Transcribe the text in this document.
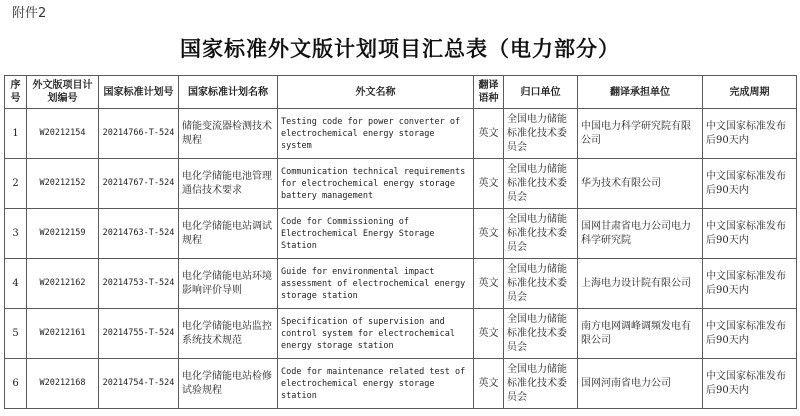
附件2
国家标准外文版计划项目汇总表（电力部分）
序号	外文版项目计划编号	国家标准计划号	国家标准计划名称	外文名称	翻译语种	归口单位	翻译承担单位	完成周期
1	W20212154	20214766-T-524	储能变流器检测技术规程	Testing code for power converter of electrochemical energy storage system	英文	全国电力储能标准化技术委员会	中国电力科学研究院有限公司	中文国家标准发布后90天内
2	W20212152	20214767-T-524	电化学储能电池管理通信技术要求	Communication technical requirements for electrochemical energy storage battery management	英文	全国电力储能标准化技术委员会	华为技术有限公司	中文国家标准发布后90天内
3	W20212159	20214763-T-524	电化学储能电站调试规程	Code for Commissioning of Electrochemical Energy Storage Station	英文	全国电力储能标准化技术委员会	国网甘肃省电力公司电力科学研究院	中文国家标准发布后90天内
4	W20212162	20214753-T-524	电化学储能电站环境影响评价导则	Guide for environmental impact assessment of electrochemical energy storage station	英文	全国电力储能标准化技术委员会	上海电力设计院有限公司	中文国家标准发布后90天内
5	W20212161	20214755-T-524	电化学储能电站监控系统技术规范	Specification of supervision and control system for electrochemical energy storage station	英文	全国电力储能标准化技术委员会	南方电网调峰调频发电有限公司	中文国家标准发布后90天内
6	W20212168	20214754-T-524	电化学储能电站检修试验规程	Code for maintenance related test of electrochemical energy storage station	英文	全国电力储能标准化技术委员会	国网河南省电力公司	中文国家标准发布后90天内
